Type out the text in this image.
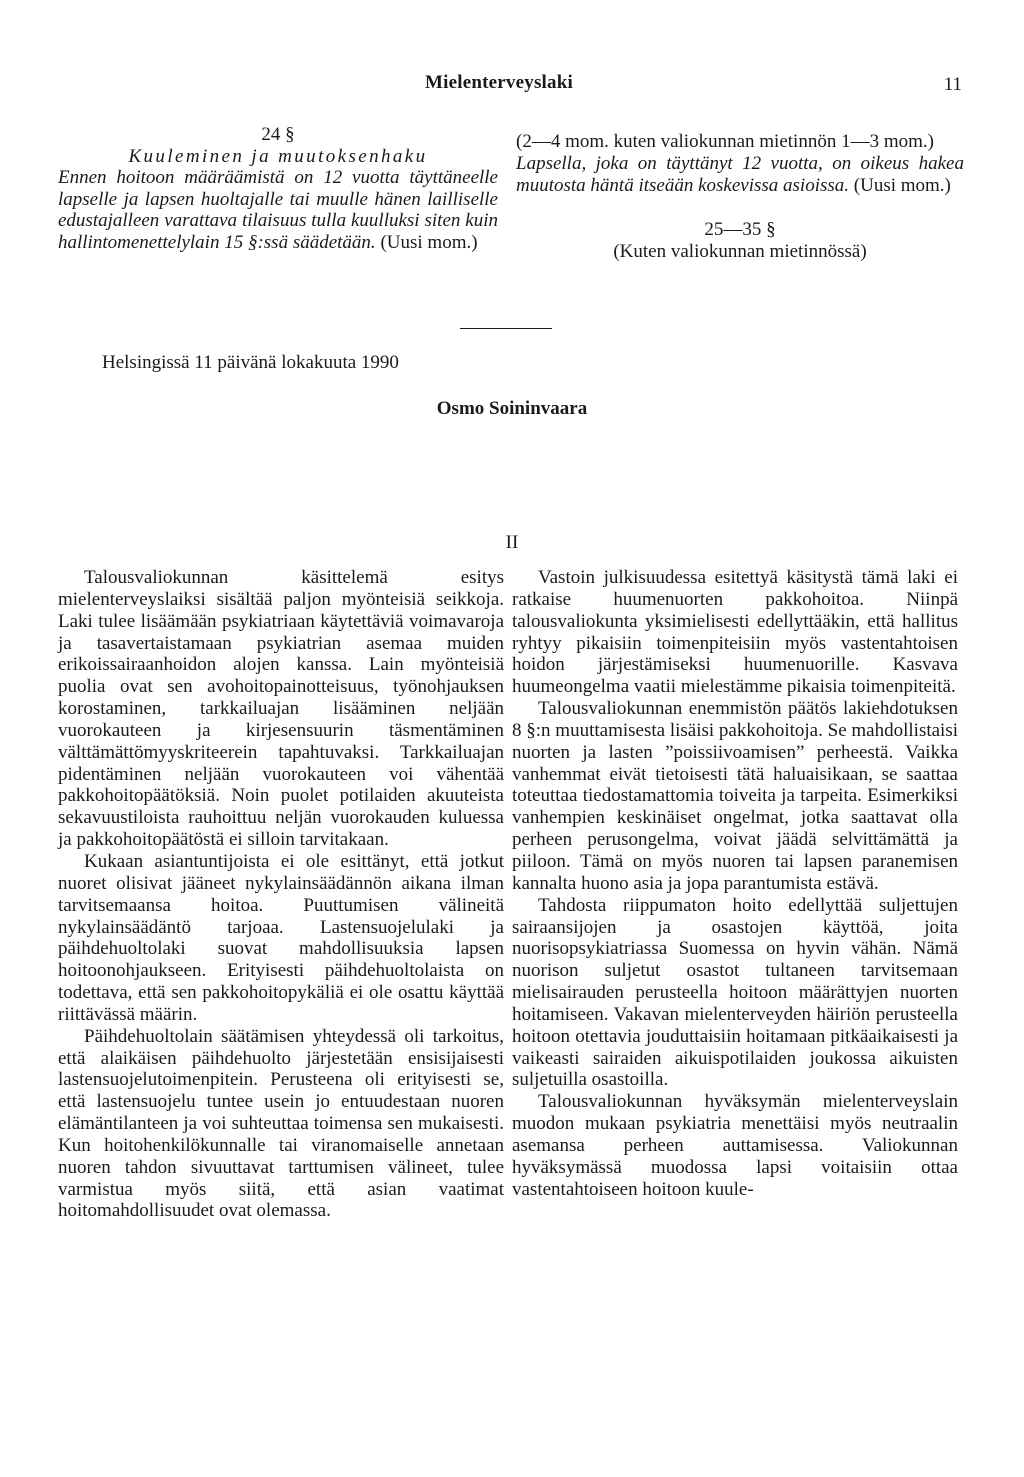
Mielenterveyslaki	11
24 §
Kuuleminen ja muutoksenhaku
Ennen hoitoon määräämistä on 12 vuotta täyttäneelle lapselle ja lapsen huoltajalle tai muulle hänen lailliselle edustajalleen varattava tilaisuus tulla kuulluksi siten kuin hallintomenettelylain 15 §:ssä säädetään. (Uusi mom.)
(2—4 mom. kuten valiokunnan mietinnön 1—3 mom.)
Lapsella, joka on täyttänyt 12 vuotta, on oikeus hakea muutosta häntä itseään koskevissa asioissa. (Uusi mom.)
25—35 §
(Kuten valiokunnan mietinnössä)
Helsingissä 11 päivänä lokakuuta 1990
Osmo Soininvaara
II

Talousvaliokunnan käsittelemä esitys mielenterveyslaiksi sisältää paljon myönteisiä seikkoja. Laki tulee lisäämään psykiatriaan käytettäviä voimavaroja ja tasavertaistamaan psykiatrian asemaa muiden erikoissairaanhoidon alojen kanssa. Lain myönteisiä puolia ovat sen avohoitopainotteisuus, työnohjauksen korostaminen, tarkkailuajan lisääminen neljään vuorokauteen ja kirjesensuurin täsmentäminen välttämättömyyskriteerein tapahtuvaksi. Tarkkailuajan pidentäminen neljään vuorokauteen voi vähentää pakkohoitopäätöksiä. Noin puolet potilaiden akuuteista sekavuustiloista rauhoittuu neljän vuorokauden kuluessa ja pakkohoitopäätöstä ei silloin tarvitakaan.

Kukaan asiantuntijoista ei ole esittänyt, että jotkut nuoret olisivat jääneet nykylainsäädännön aikana ilman tarvitsemaansa hoitoa. Puuttumisen välineitä nykylainsäädäntö tarjoaa. Lastensuojelulaki ja päihdehuoltolaki suovat mahdollisuuksia lapsen hoitoonohjaukseen. Erityisesti päihdehuoltolaista on todettava, että sen pakkohoitopykäliä ei ole osattu käyttää riittävässä määrin.

Päihdehuoltolain säätämisen yhteydessä oli tarkoitus, että alaikäisen päihdehuolto järjestetään ensisijaisesti lastensuojelutoimenpitein. Perusteena oli erityisesti se, että lastensuojelu tuntee usein jo entuudestaan nuoren elämäntilanteen ja voi suhteuttaa toimensa sen mukaisesti. Kun hoitohenkilökunnalle tai viranomaiselle annetaan nuoren tahdon sivuuttavat tarttumisen välineet, tulee varmistua myös siitä, että asian vaatimat hoitomahdollisuudet ovat olemassa.

Vastoin julkisuudessa esitettyä käsitystä tämä laki ei ratkaise huumenuorten pakkohoitoa. Niinpä talousvaliokunta yksimielisesti edellyttääkin, että hallitus ryhtyy pikaisiin toimenpiteisiin myös vastentahtoisen hoidon järjestämiseksi huumenuorille. Kasvava huumeongelma vaatii mielestämme pikaisia toimenpiteitä.

Talousvaliokunnan enemmistön päätös lakiehdotuksen 8 §:n muuttamisesta lisäisi pakkohoitoja. Se mahdollistaisi nuorten ja lasten ”poissiivoamisen” perheestä. Vaikka vanhemmat eivät tietoisesti tätä haluaisikaan, se saattaa toteuttaa tiedostamattomia toiveita ja tarpeita. Esimerkiksi vanhempien keskinäiset ongelmat, jotka saattavat olla perheen perusongelma, voivat jäädä selvittämättä ja piiloon. Tämä on myös nuoren tai lapsen paranemisen kannalta huono asia ja jopa parantumista estävä.

Tahdosta riippumaton hoito edellyttää suljettujen sairaansijojen ja osastojen käyttöä, joita nuorisopsykiatriassa Suomessa on hyvin vähän. Nämä nuorison suljetut osastot tultaneen tarvitsemaan mielisairauden perusteella hoitoon määrättyjen nuorten hoitamiseen. Vakavan mielenterveyden häiriön perusteella hoitoon otettavia jouduttaisiin hoitamaan pitkäaikaisesti ja vaikeasti sairaiden aikuispotilaiden joukossa aikuisten suljetuilla osastoilla.

Talousvaliokunnan hyväksymän mielenterveyslain muodon mukaan psykiatria menettäisi myös neutraalin asemansa perheen auttamisessa. Valiokunnan hyväksymässä muodossa lapsi voitaisiin ottaa vastentahtoiseen hoitoon kuule-
